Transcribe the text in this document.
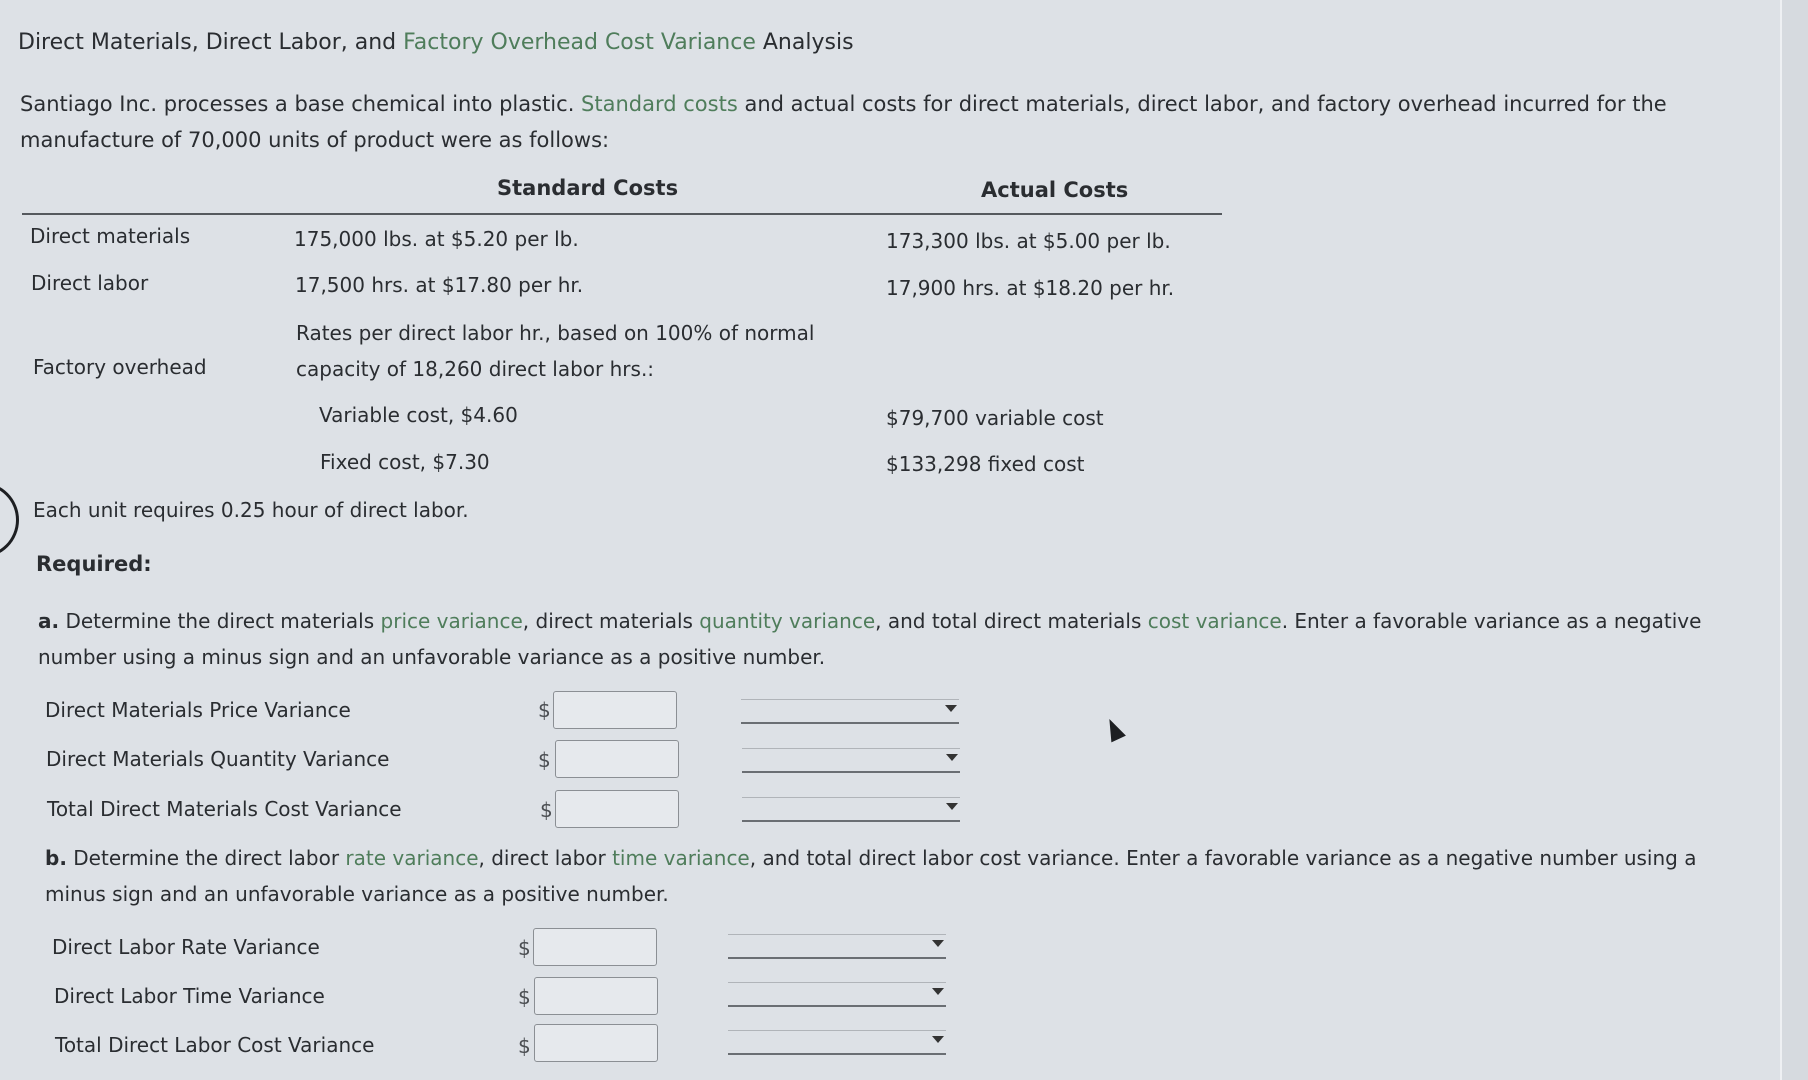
Direct Materials, Direct Labor, and Factory Overhead Cost Variance Analysis
Santiago Inc. processes a base chemical into plastic. Standard costs and actual costs for direct materials, direct labor, and factory overhead incurred for the manufacture of 70,000 units of product were as follows:
Standard Costs	Actual Costs
Direct materials	175,000 lbs. at $5.20 per lb.	173,300 lbs. at $5.00 per lb.
Direct labor	17,500 hrs. at $17.80 per hr.	17,900 hrs. at $18.20 per hr.
Rates per direct labor hr., based on 100% of normal
Factory overhead	capacity of 18,260 direct labor hrs.:
Variable cost, $4.60	$79,700 variable cost
Fixed cost, $7.30	$133,298 fixed cost
Each unit requires 0.25 hour of direct labor.
Required:
a. Determine the direct materials price variance, direct materials quantity variance, and total direct materials cost variance. Enter a favorable variance as a negative number using a minus sign and an unfavorable variance as a positive number.
Direct Materials Price Variance	$
Direct Materials Quantity Variance	$
Total Direct Materials Cost Variance	$
b. Determine the direct labor rate variance, direct labor time variance, and total direct labor cost variance. Enter a favorable variance as a negative number using a minus sign and an unfavorable variance as a positive number.
Direct Labor Rate Variance	$
Direct Labor Time Variance	$
Total Direct Labor Cost Variance	$
